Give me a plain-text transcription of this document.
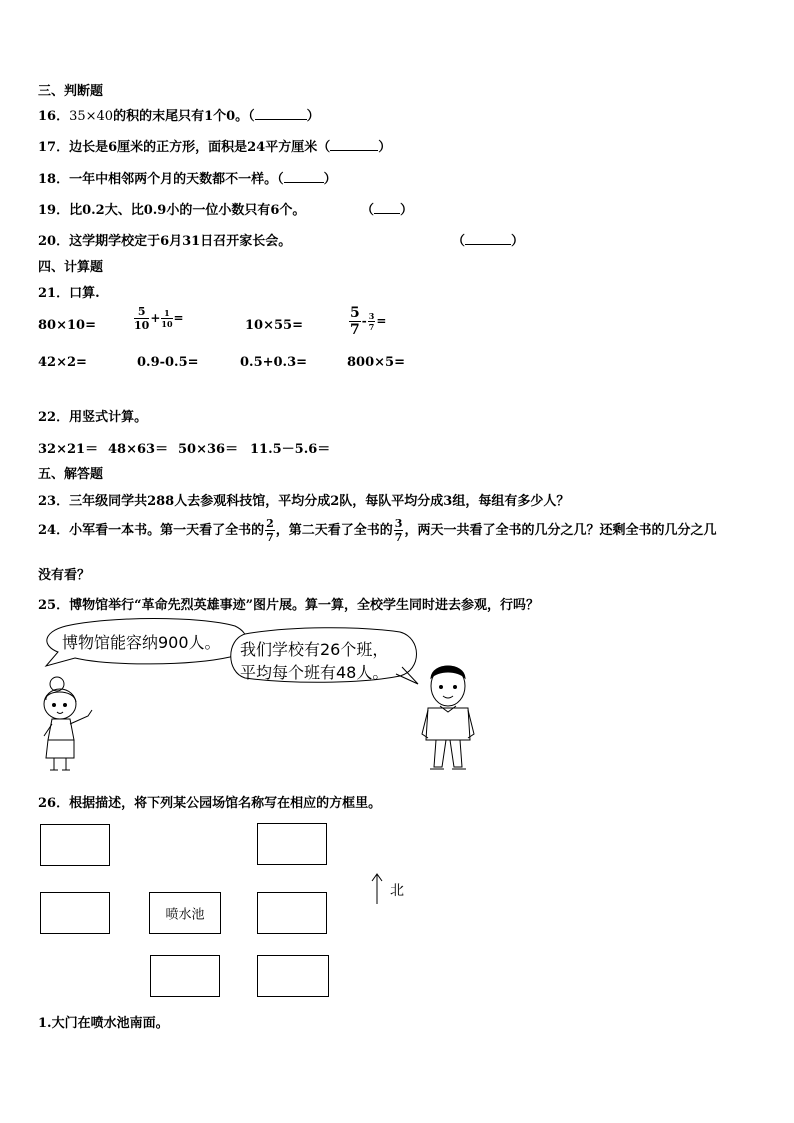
三、判断题
16．35×40的积的末尾只有1个0。（	）
17．边长是6厘米的正方形，面积是24平方厘米（	）
18．一年中相邻两个月的天数都不一样。（	）
19．比0.2大、比0.9小的一位小数只有6个。	（ ）
20．这学期学校定于6月31日召开家长会。	（	）
四、计算题
21．口算.
80×10=	$\frac{5}{10} + \frac{1}{10}$ =	10×55=	$\frac{5}{7} - \frac{3}{7}$ =
42×2=	0.9-0.5=	0.5+0.3=	800×5=
22．用竖式计算。
32×21＝ 48×63＝ 50×36＝ 11.5－5.6＝
五、解答题
23．三年级同学共288人去参观科技馆，平均分成2队，每队平均分成3组，每组有多少人？
24．小军看一本书。第一天看了全书的 $\frac{2}{7}$ ，第二天看了全书的 $\frac{3}{7}$ ，两天一共看了全书的几分之几？还剩全书的几分之几
没有看？
25．博物馆举行“革命先烈英雄事迹”图片展。算一算，全校学生同时进去参观，行吗？
博物馆能容纳900人。 我们学校有26个班，
平均每个班有48人。
26．根据描述，将下列某公园场馆名称写在相应的方框里。
喷水池
北
1.大门在喷水池南面。
